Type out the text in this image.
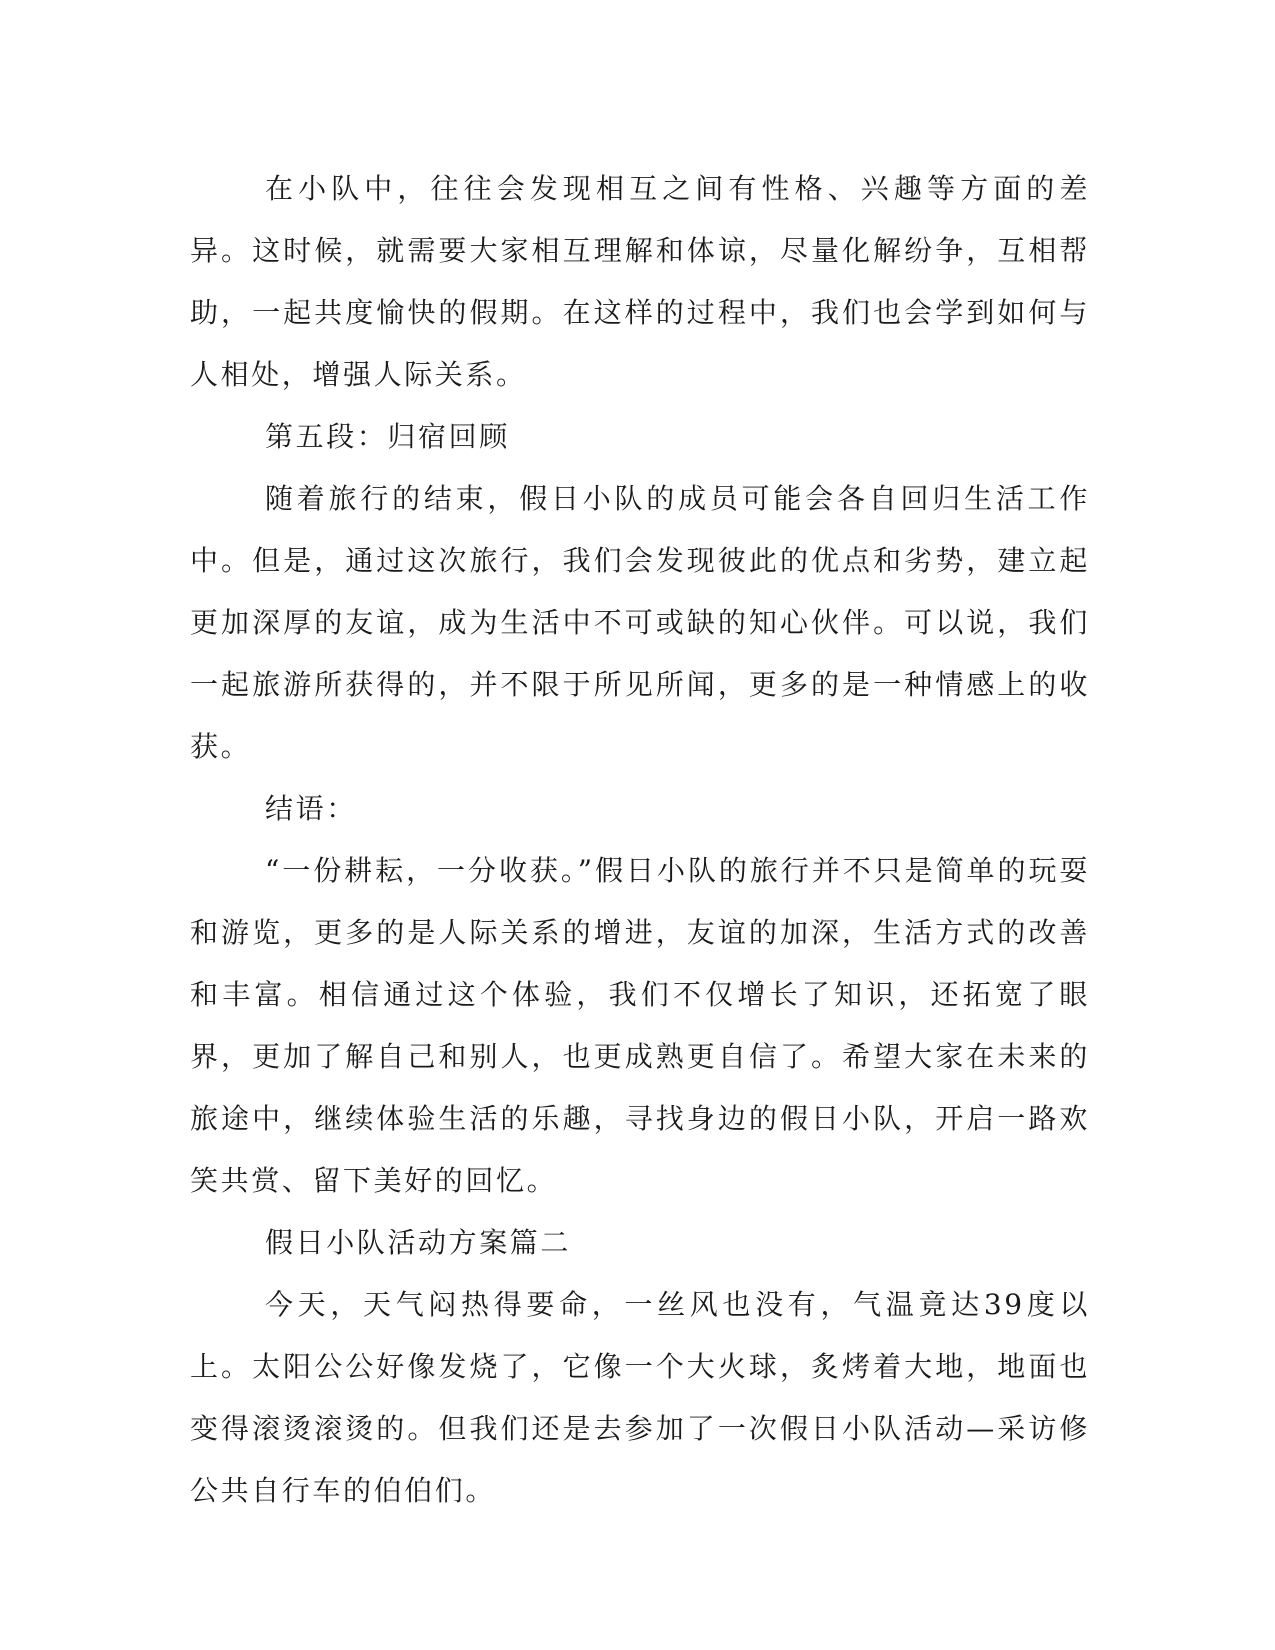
在小队中，往往会发现相互之间有性格、兴趣等方面的差异。这时候，就需要大家相互理解和体谅，尽量化解纷争，互相帮助，一起共度愉快的假期。在这样的过程中，我们也会学到如何与人相处，增强人际关系。

第五段：归宿回顾

随着旅行的结束，假日小队的成员可能会各自回归生活工作中。但是，通过这次旅行，我们会发现彼此的优点和劣势，建立起更加深厚的友谊，成为生活中不可或缺的知心伙伴。可以说，我们一起旅游所获得的，并不限于所见所闻，更多的是一种情感上的收获。

结语：

“一份耕耘，一分收获。”假日小队的旅行并不只是简单的玩耍和游览，更多的是人际关系的增进，友谊的加深，生活方式的改善和丰富。相信通过这个体验，我们不仅增长了知识，还拓宽了眼界，更加了解自己和别人，也更成熟更自信了。希望大家在未来的旅途中，继续体验生活的乐趣，寻找身边的假日小队，开启一路欢笑共赏、留下美好的回忆。

假日小队活动方案篇二

今天，天气闷热得要命，一丝风也没有，气温竟达39度以上。太阳公公好像发烧了，它像一个大火球，炙烤着大地，地面也变得滚烫滚烫的。但我们还是去参加了一次假日小队活动—采访修公共自行车的伯伯们。
